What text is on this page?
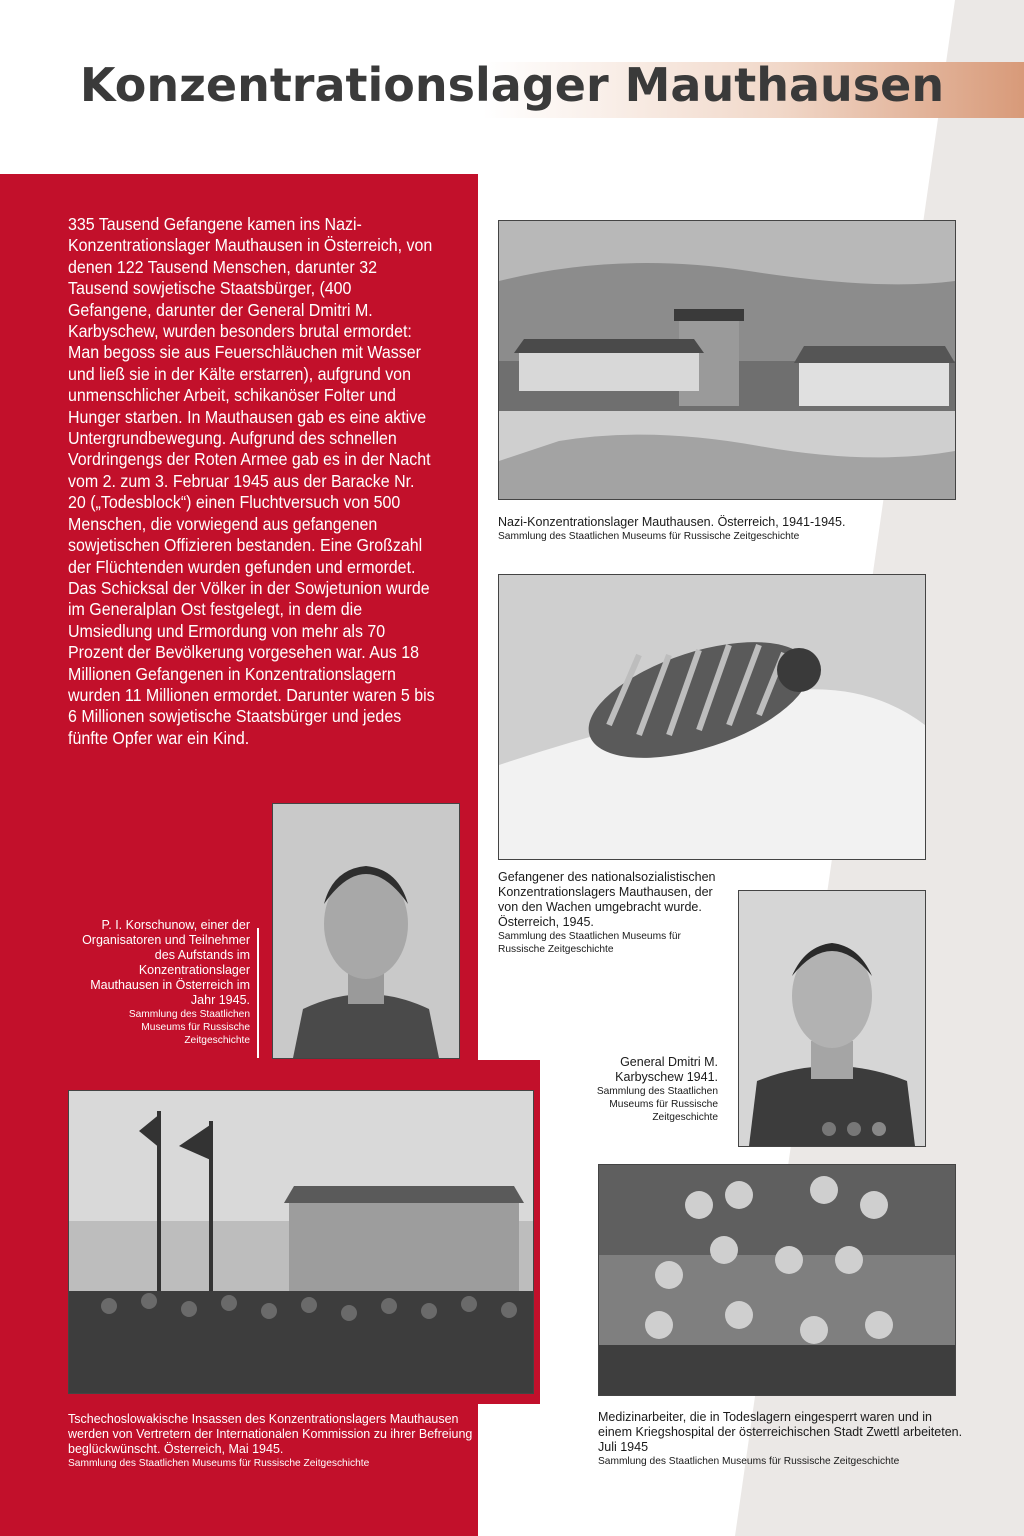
Konzentrationslager Mauthausen

335 Tausend Gefangene kamen ins Nazi-Konzentrationslager Mauthausen in Österreich, von denen 122 Tausend Menschen, darunter 32 Tausend sowjetische Staatsbürger, (400 Gefangene, darunter der General Dmitri M. Karbyschew, wurden besonders brutal ermordet: Man begoss sie aus Feuerschläuchen mit Wasser und ließ sie in der Kälte erstarren), aufgrund von unmenschlicher Arbeit, schikanöser Folter und Hunger starben. In Mauthausen gab es eine aktive Untergrundbewegung. Aufgrund des schnellen Vordringengs der Roten Armee gab es in der Nacht vom 2. zum 3. Februar 1945 aus der Baracke Nr. 20 („Todesblock“) einen Fluchtversuch von 500 Menschen, die vorwiegend aus gefangenen sowjetischen Offizieren bestanden. Eine Großzahl der Flüchtenden wurden gefunden und ermordet. Das Schicksal der Völker in der Sowjetunion wurde im Generalplan Ost festgelegt, in dem die Umsiedlung und Ermordung von mehr als 70 Prozent der Bevölkerung vorgesehen war. Aus 18 Millionen Gefangenen in Konzentrationslagern wurden 11 Millionen ermordet. Darunter waren 5 bis 6 Millionen sowjetische Staatsbürger und jedes fünfte Opfer war ein Kind.

Nazi-Konzentrationslager Mauthausen. Österreich, 1941-1945.
Sammlung des Staatlichen Museums für Russische Zeitgeschichte

Gefangener des nationalsozialistischen Konzentrationslagers Mauthausen, der von den Wachen umgebracht wurde. Österreich, 1945.
Sammlung des Staatlichen Museums für Russische Zeitgeschichte

P. I. Korschunow, einer der Organisatoren und Teilnehmer des Aufstands im Konzentrationslager Mauthausen in Österreich im Jahr 1945.
Sammlung des Staatlichen Museums für Russische Zeitgeschichte

General Dmitri M. Karbyschew 1941.
Sammlung des Staatlichen Museums für Russische Zeitgeschichte

Tschechoslowakische Insassen des Konzentrationslagers Mauthausen werden von Vertretern der Internationalen Kommission zu ihrer Befreiung beglückwünscht. Österreich, Mai 1945.
Sammlung des Staatlichen Museums für Russische Zeitgeschichte

Medizinarbeiter, die in Todeslagern eingesperrt waren und in einem Kriegshospital der österreichischen Stadt Zwettl arbeiteten. Juli 1945
Sammlung des Staatlichen Museums für Russische Zeitgeschichte
